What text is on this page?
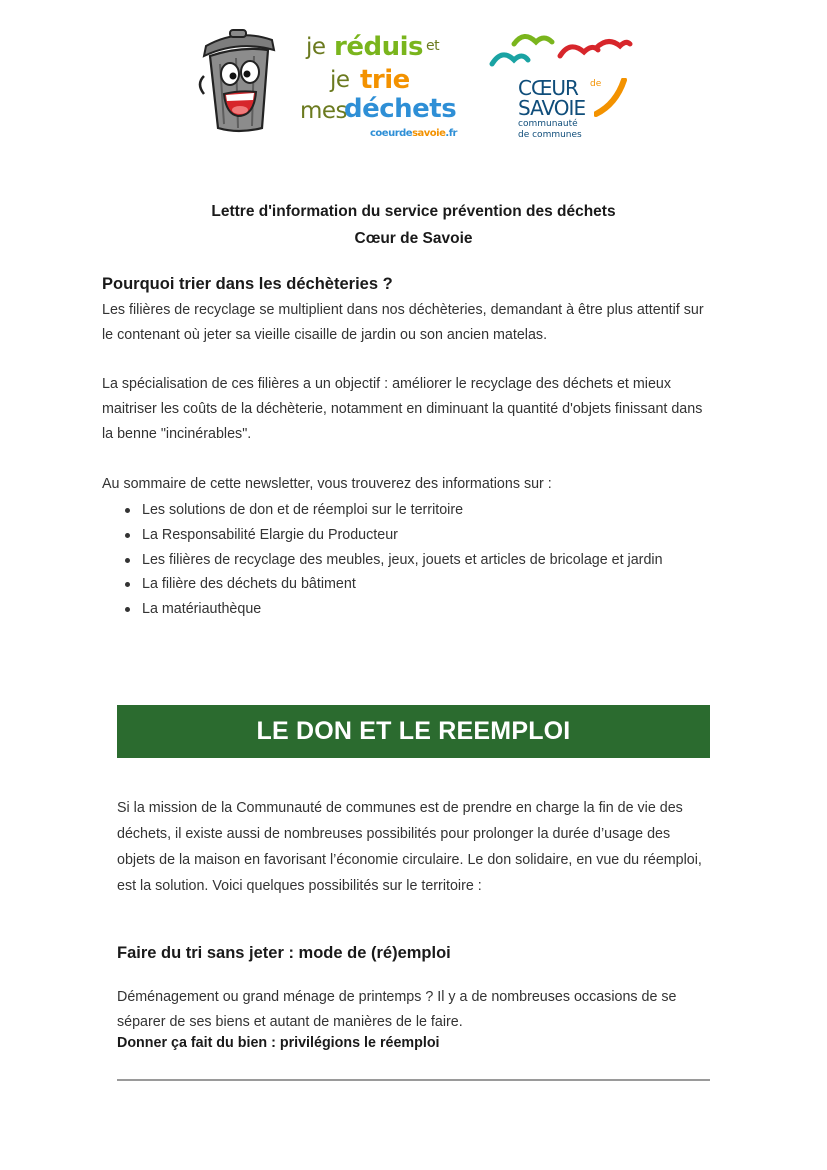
je réduis et
je trie
mes
déchets
coeurdesavoie.fr
CŒUR de
SAVOIE
communauté
de communes
Lettre d'information du service prévention des déchets
Cœur de Savoie
Pourquoi trier dans les déchèteries ?

Les filières de recyclage se multiplient dans nos déchèteries, demandant à être plus attentif sur le contenant où jeter sa vieille cisaille de jardin ou son ancien matelas.

La spécialisation de ces filières a un objectif : améliorer le recyclage des déchets et mieux maitriser les coûts de la déchèterie, notamment en diminuant la quantité d'objets finissant dans la benne "incinérables".

Au sommaire de cette newsletter, vous trouverez des informations sur :

Les solutions de don et de réemploi sur le territoire
La Responsabilité Elargie du Producteur
Les filières de recyclage des meubles, jeux, jouets et articles de bricolage et jardin
La filière des déchets du bâtiment
La matériauthèque
LE DON ET LE REEMPLOI

Si la mission de la Communauté de communes est de prendre en charge la fin de vie des déchets, il existe aussi de nombreuses possibilités pour prolonger la durée d’usage des objets de la maison en favorisant l’économie circulaire. Le don solidaire, en vue du réemploi, est la solution. Voici quelques possibilités sur le territoire :

Faire du tri sans jeter : mode de (ré)emploi

Déménagement ou grand ménage de printemps ? Il y a de nombreuses occasions de se séparer de ses biens et autant de manières de le faire.

Donner ça fait du bien : privilégions le réemploi
